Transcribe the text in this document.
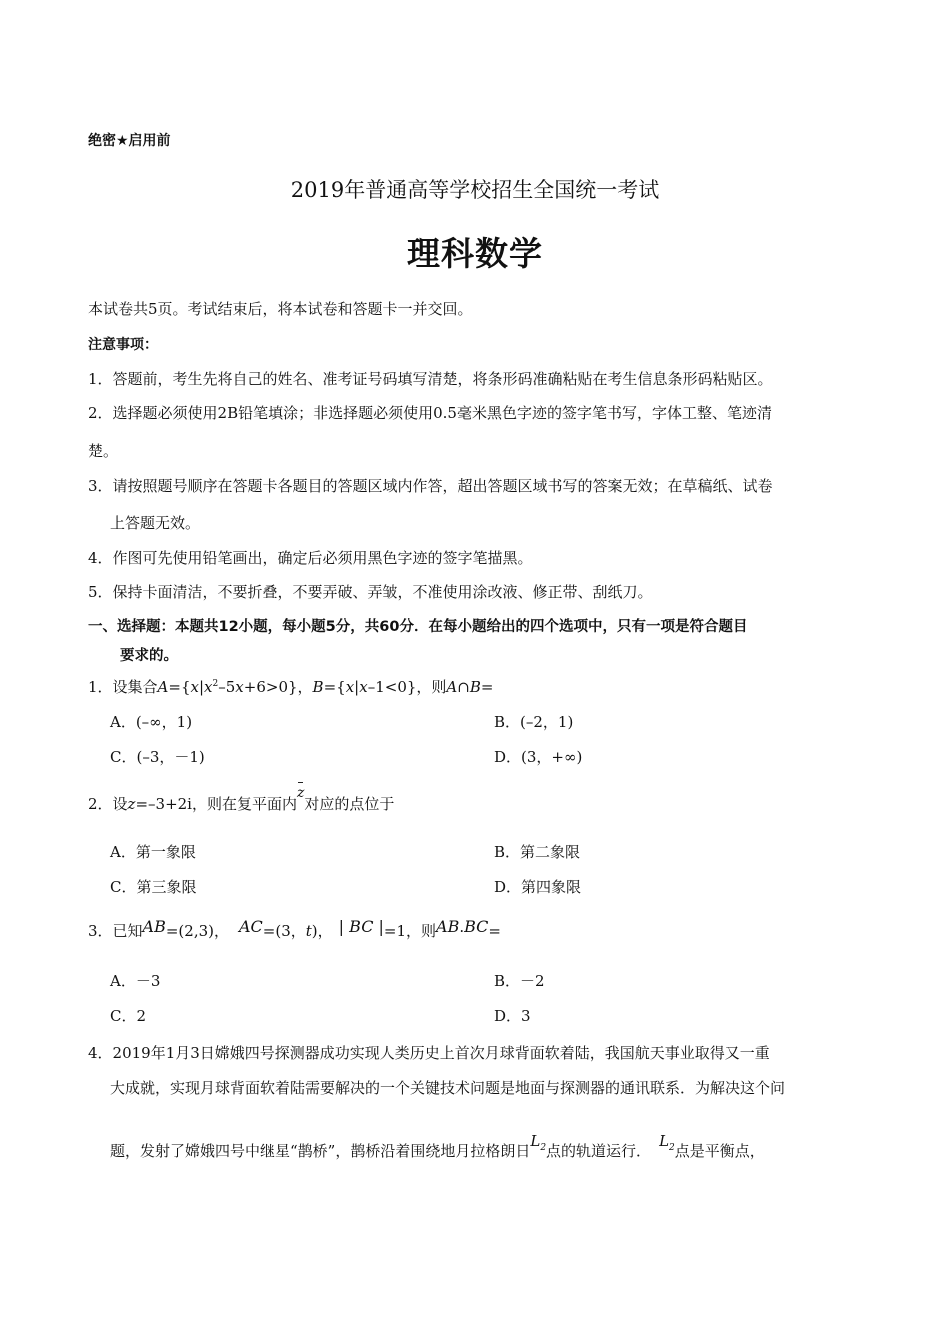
绝密★启用前
2019年普通高等学校招生全国统一考试
理科数学
本试卷共5页。考试结束后，将本试卷和答题卡一并交回。
注意事项：
1．答题前，考生先将自己的姓名、准考证号码填写清楚，将条形码准确粘贴在考生信息条形码粘贴区。
2．选择题必须使用2B铅笔填涂；非选择题必须使用0.5毫米黑色字迹的签字笔书写，字体工整、笔迹清
楚。
3．请按照题号顺序在答题卡各题目的答题区域内作答，超出答题区域书写的答案无效；在草稿纸、试卷
上答题无效。
4．作图可先使用铅笔画出，确定后必须用黑色字迹的签字笔描黑。
5．保持卡面清洁，不要折叠，不要弄破、弄皱，不准使用涂改液、修正带、刮纸刀。
一、选择题：本题共12小题，每小题5分，共60分．在每小题给出的四个选项中，只有一项是符合题目
要求的。
1．设集合$A=\{x|x^2-5x+6>0\}$，B={x|x–1<0}，则A∩B=
A．(–∞，1)	B．(–2，1)
C．(–3，－1)	D．(3，+∞)
2．设z=–3+2i，则在复平面内
z对应的点位于
A．第一象限	B．第二象限
C．第三象限	D．第四象限
3．已知AB=(2,3)， AC=(3，t)， | BC |=1，则AB·BC=
A．－3	B．－2
C．2	D．3
4．2019年1月3日嫦娥四号探测器成功实现人类历史上首次月球背面软着陆，我国航天事业取得又一重
大成就，实现月球背面软着陆需要解决的一个关键技术问题是地面与探测器的通讯联系．为解决这个问
题，发射了嫦娥四号中继星“鹊桥”，鹊桥沿着围绕地月拉格朗日$L_2$点的轨道运行．$L_2$点是平衡点，
